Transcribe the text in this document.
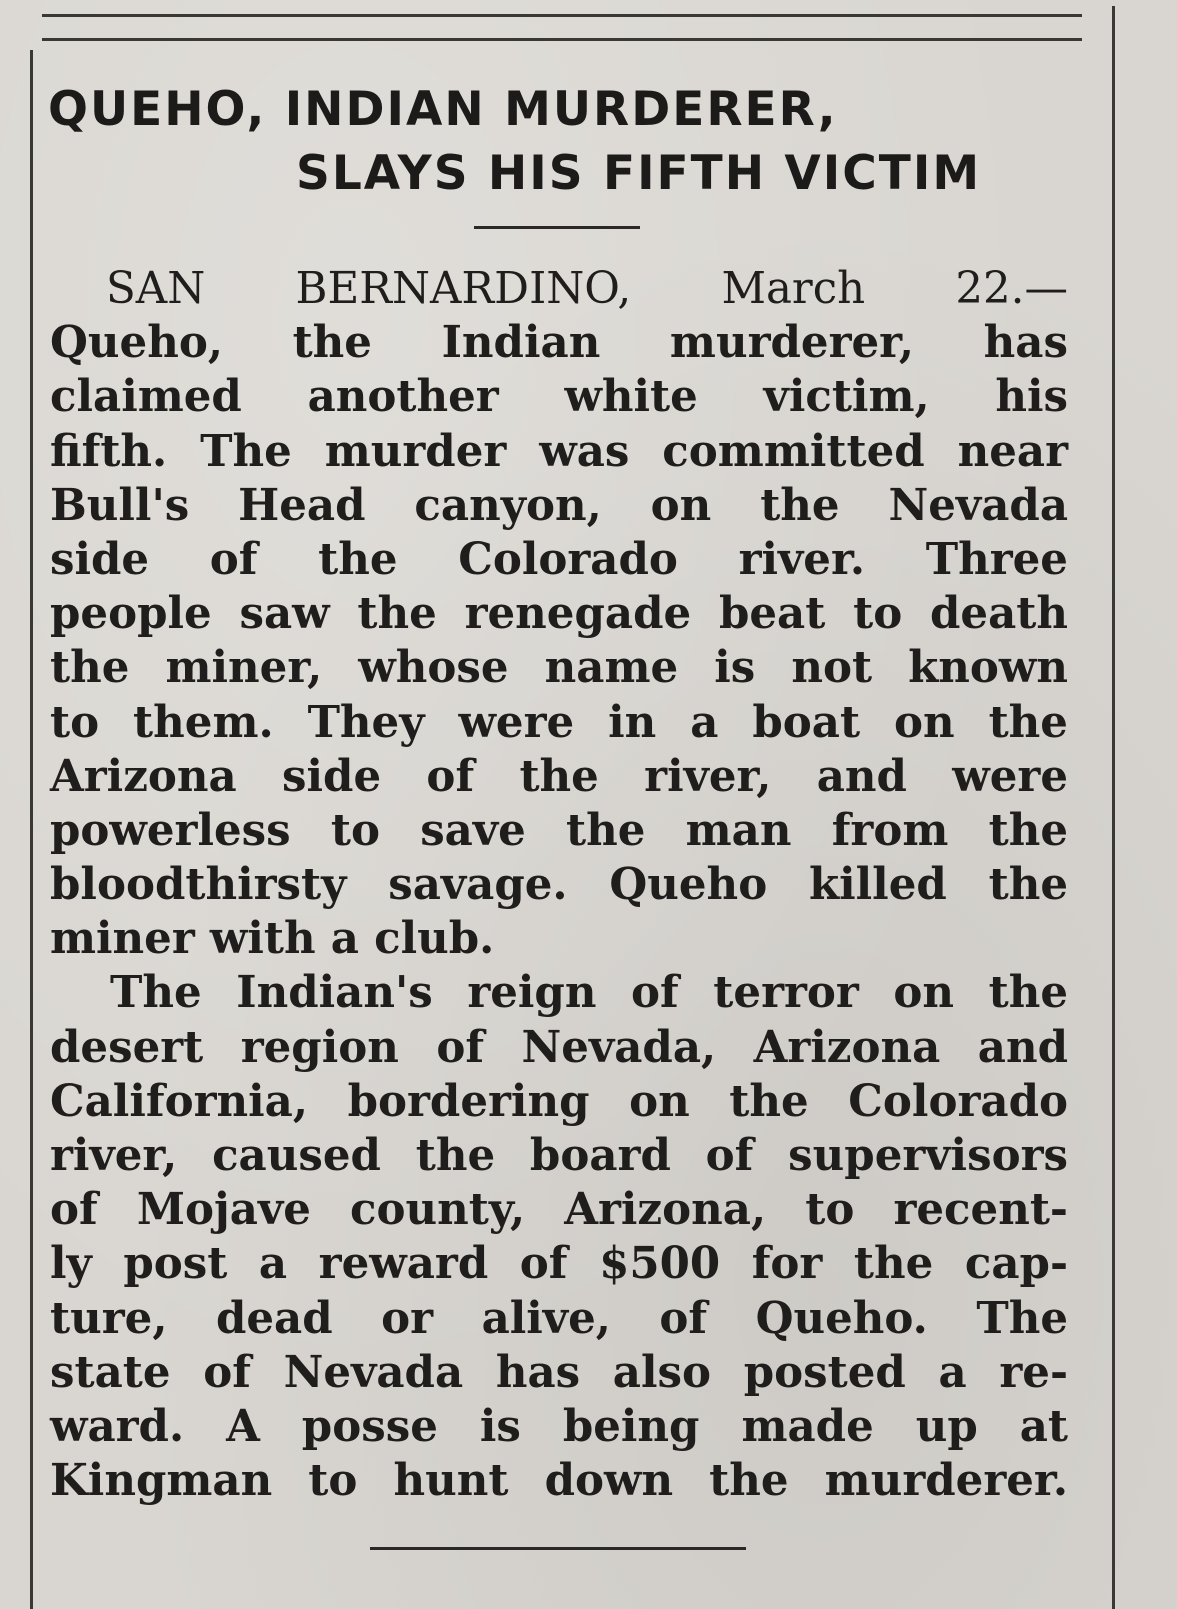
QUEHO, INDIAN MURDERER,
SLAYS HIS FIFTH VICTIM
SAN BERNARDINO, March 22.—
Queho, the Indian murderer, has
claimed another white victim, his
fifth. The murder was committed near
Bull's Head canyon, on the Nevada
side of the Colorado river. Three
people saw the renegade beat to death
the miner, whose name is not known
to them. They were in a boat on the
Arizona side of the river, and were
powerless to save the man from the
bloodthirsty savage. Queho killed the
miner with a club.
The Indian's reign of terror on the
desert region of Nevada, Arizona and
California, bordering on the Colorado
river, caused the board of supervisors
of Mojave county, Arizona, to recent-
ly post a reward of $500 for the cap-
ture, dead or alive, of Queho. The
state of Nevada has also posted a re-
ward. A posse is being made up at
Kingman to hunt down the murderer.
